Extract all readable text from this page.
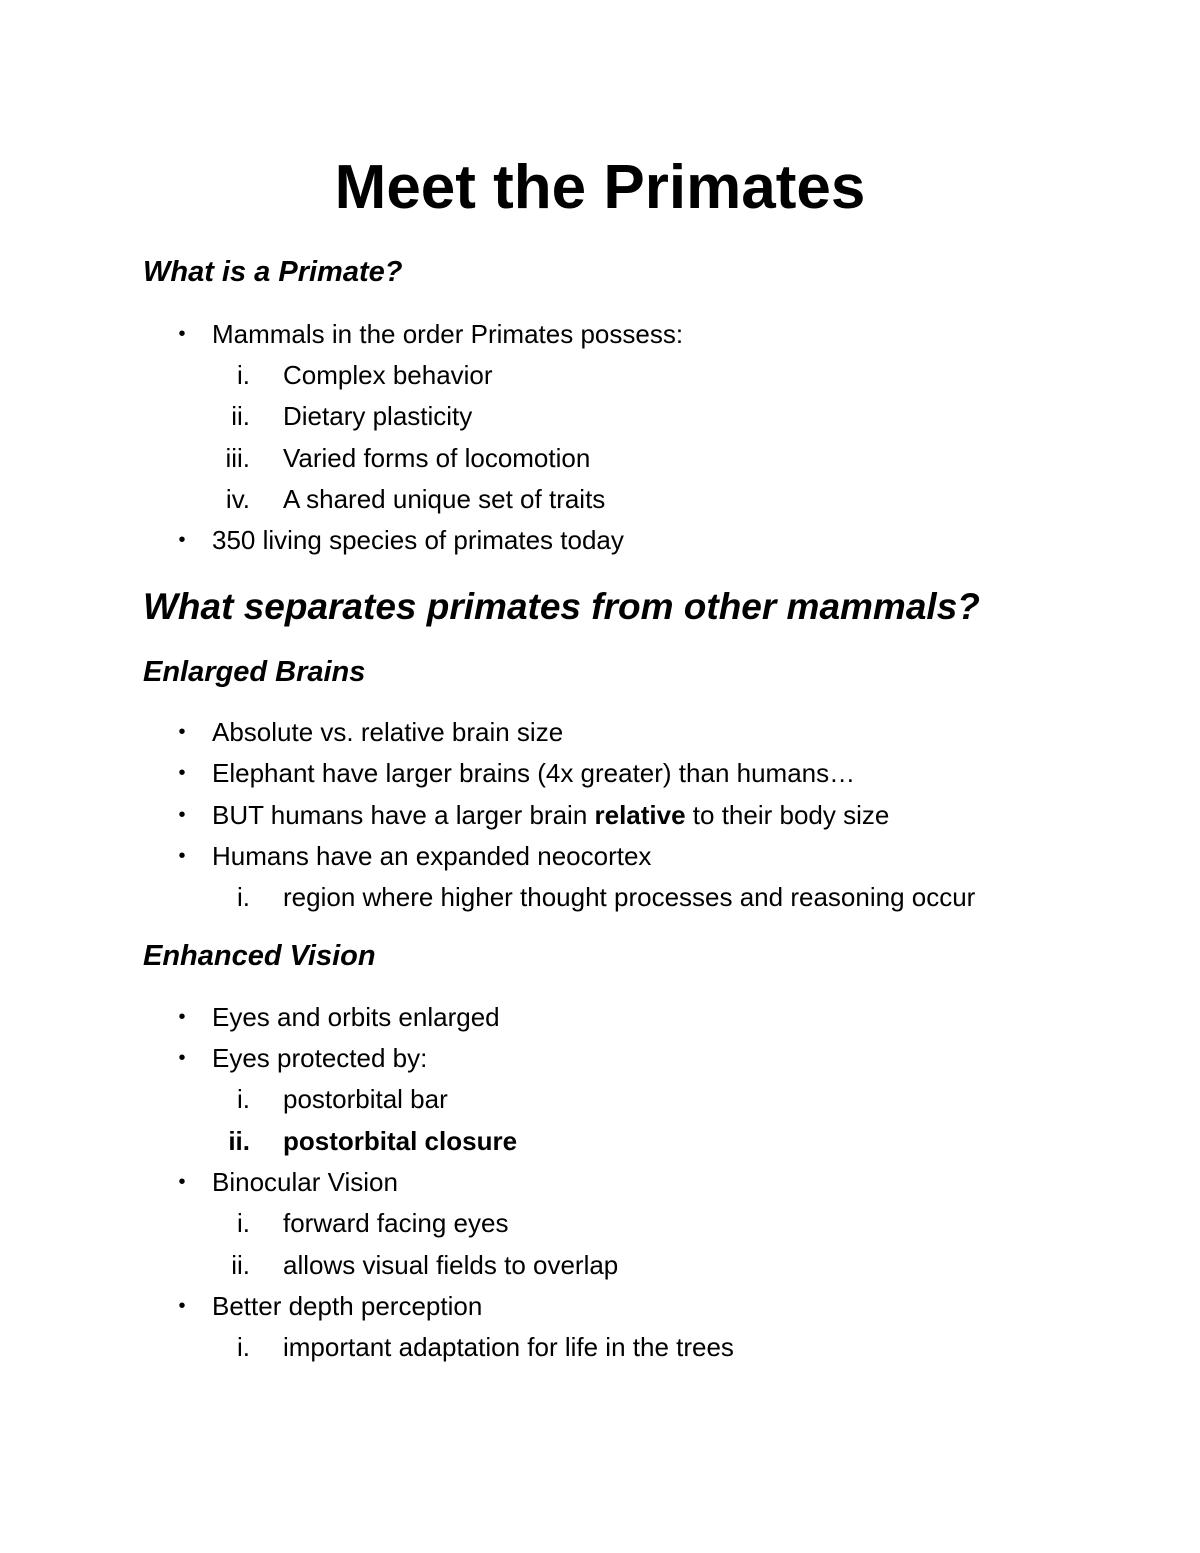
Meet the Primates
What is a Primate?
• Mammals in the order Primates possess:
i. Complex behavior
ii. Dietary plasticity
iii. Varied forms of locomotion
iv. A shared unique set of traits
• 350 living species of primates today
What separates primates from other mammals?
Enlarged Brains
• Absolute vs. relative brain size
• Elephant have larger brains (4x greater) than humans…
• BUT humans have a larger brain relative to their body size
• Humans have an expanded neocortex
i. region where higher thought processes and reasoning occur
Enhanced Vision
• Eyes and orbits enlarged
• Eyes protected by:
i. postorbital bar
ii. postorbital closure
• Binocular Vision
i. forward facing eyes
ii. allows visual fields to overlap
• Better depth perception
i. important adaptation for life in the trees
